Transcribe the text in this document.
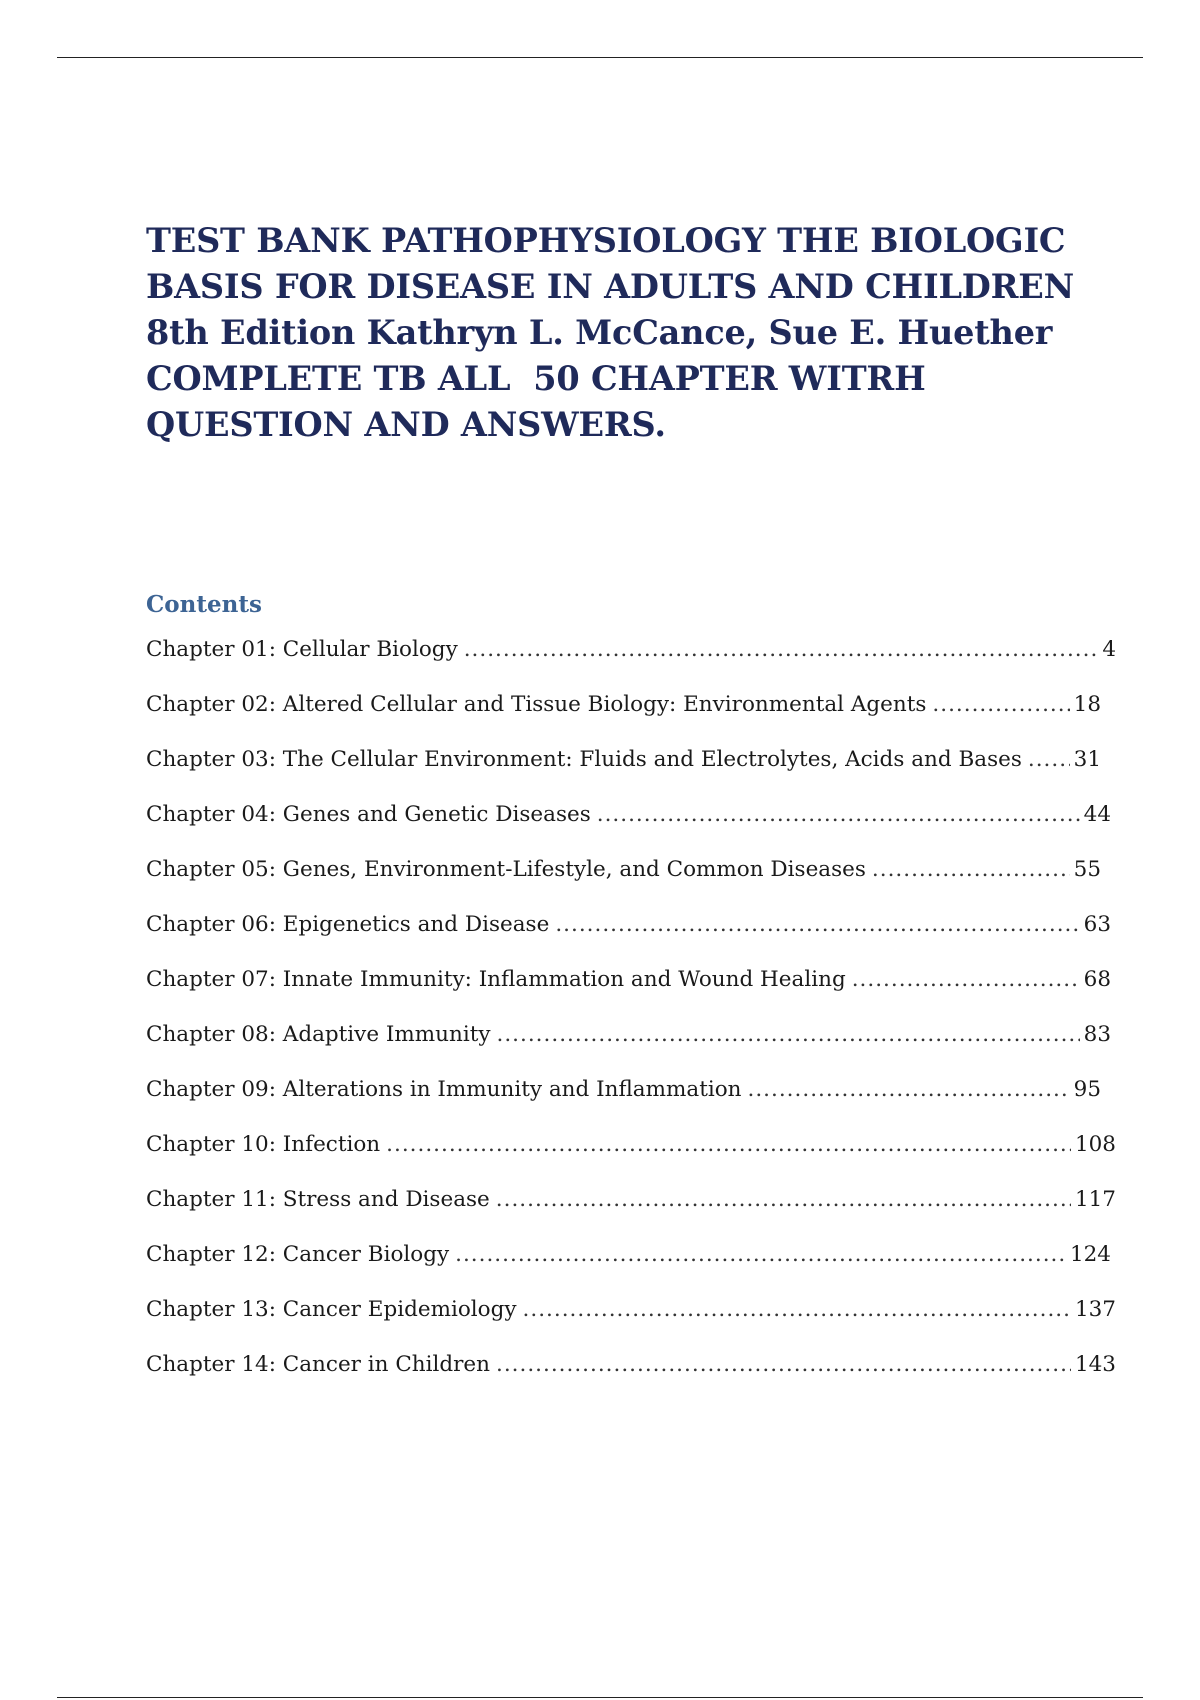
TEST BANK PATHOPHYSIOLOGY THE BIOLOGIC
BASIS FOR DISEASE IN ADULTS AND CHILDREN
8th Edition Kathryn L. McCance, Sue E. Huether
COMPLETE TB ALL  50 CHAPTER WITRH
QUESTION AND ANSWERS.
Contents
Chapter 01: Cellular Biology .....	4
Chapter 02: Altered Cellular and Tissue Biology: Environmental Agents .....	18
Chapter 03: The Cellular Environment: Fluids and Electrolytes, Acids and Bases ..... 31
Chapter 04: Genes and Genetic Diseases .....	44
Chapter 05: Genes, Environment-Lifestyle, and Common Diseases .....	55
Chapter 06: Epigenetics and Disease .....	63
Chapter 07: Innate Immunity: Inflammation and Wound Healing .....	68
Chapter 08: Adaptive Immunity .....	83
Chapter 09: Alterations in Immunity and Inflammation .....	95
Chapter 10: Infection .....	108
Chapter 11: Stress and Disease .....	117
Chapter 12: Cancer Biology .....	124
Chapter 13: Cancer Epidemiology .....	137
Chapter 14: Cancer in Children .....	143
